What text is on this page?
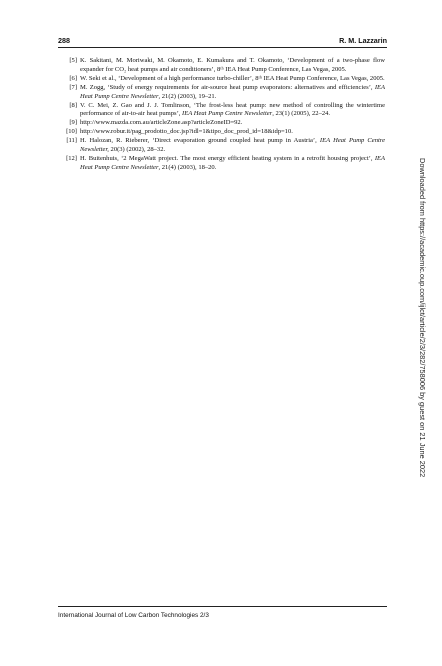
288	R. M. Lazzarin
[5] K. Sakitani, M. Moriwaki, M. Okamoto, E. Kumakura and T. Okamoto, ‘Development of a two-phase flow expander for CO₂ heat pumps and air conditioners’, 8ᵗʰ IEA Heat Pump Conference, Las Vegas, 2005.
[6] W. Seki et al., ‘Development of a high performance turbo-chiller’, 8ᵗʰ IEA Heat Pump Conference, Las Vegas, 2005.
[7] M. Zogg, ‘Study of energy requirements for air-source heat pump evaporators: alternatives and efficiencies’, IEA Heat Pump Centre Newsletter, 21(2) (2003), 19–21.
[8] V. C. Mei, Z. Gao and J. J. Tomlinson, ‘The frost-less heat pump: new method of controlling the wintertime performance of air-to-air heat pumps’, IEA Heat Pump Centre Newsletter, 23(1) (2005), 22–24.
[9] http://www.mazda.com.au/articleZone.asp?articleZoneID=92.
[10] http://www.robur.it/pag_prodotto_doc.jsp?idl=1&tipo_doc_prod_id=18&idp=10.
[11] H. Halozan, R. Rieberer, ‘Direct evaporation ground coupled heat pump in Austria’, IEA Heat Pump Centre Newsletter, 20(3) (2002), 28–32.
[12] H. Buitenhuis, ‘2 MegaWatt project. The most energy efficient heating system in a retrofit housing project’, IEA Heat Pump Centre Newsletter, 21(4) (2003), 18–20.	Downloaded from https://academic.oup.com/ijlct/article/2/3/282/758006 by guest on 21 June 2022
International Journal of Low Carbon Technologies 2/3
